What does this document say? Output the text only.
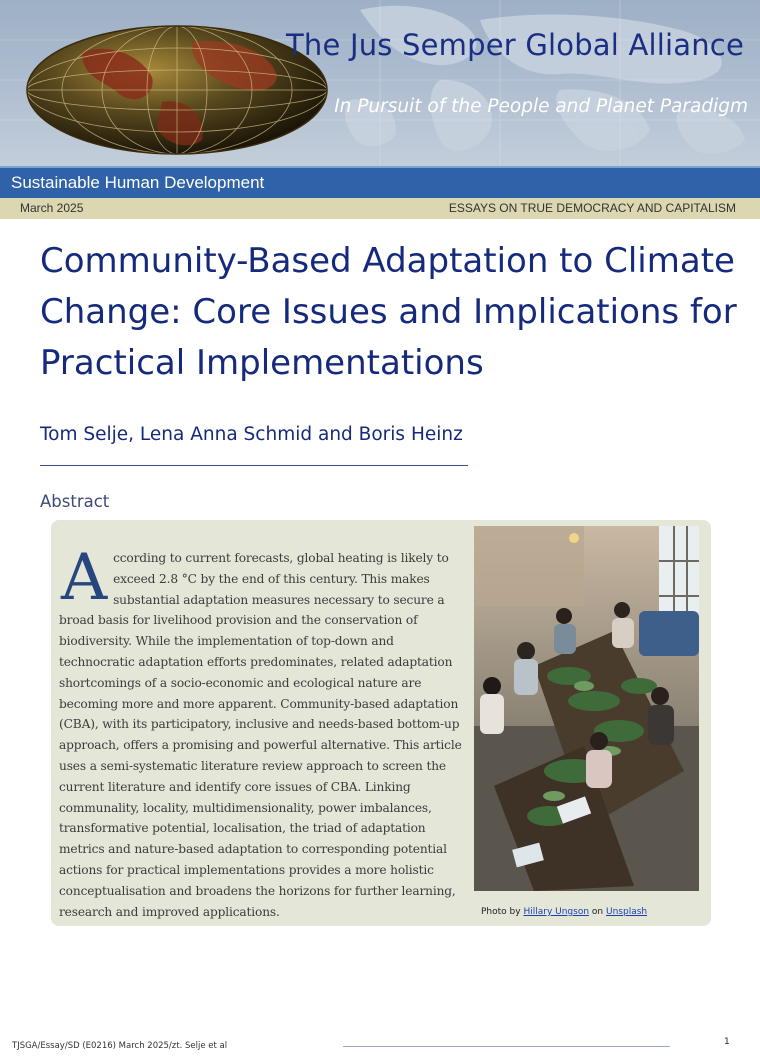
The Jus Semper Global Alliance

In Pursuit of the People and Planet Paradigm

Sustainable Human Development
March 2025	ESSAYS ON TRUE DEMOCRACY AND CAPITALISM
Community-Based Adaptation to Climate Change: Core Issues and Implications for Practical Implementations

Tom Selje, Lena Anna Schmid and Boris Heinz

Abstract

According to current forecasts, global heating is likely to exceed 2.8 °C by the end of this century. This makes substantial adaptation measures necessary to secure a broad basis for livelihood provision and the conservation of biodiversity. While the implementation of top-down and technocratic adaptation efforts predominates, related adaptation shortcomings of a socio-economic and ecological nature are becoming more and more apparent. Community-based adaptation (CBA), with its participatory, inclusive and needs-based bottom-up approach, offers a promising and powerful alternative. This article uses a semi-systematic literature review approach to screen the current literature and identify core issues of CBA. Linking communality, locality, multidimensionality, power imbalances, transformative potential, localisation, the triad of adaptation metrics and nature-based adaptation to corresponding potential actions for practical implementations provides a more holistic conceptualisation and broadens the horizons for further learning, research and improved applications.	Photo by Hillary Ungson on Unsplash

TJSGA/Essay/SD (E0216) March 2025/zt. Selje et al	1
